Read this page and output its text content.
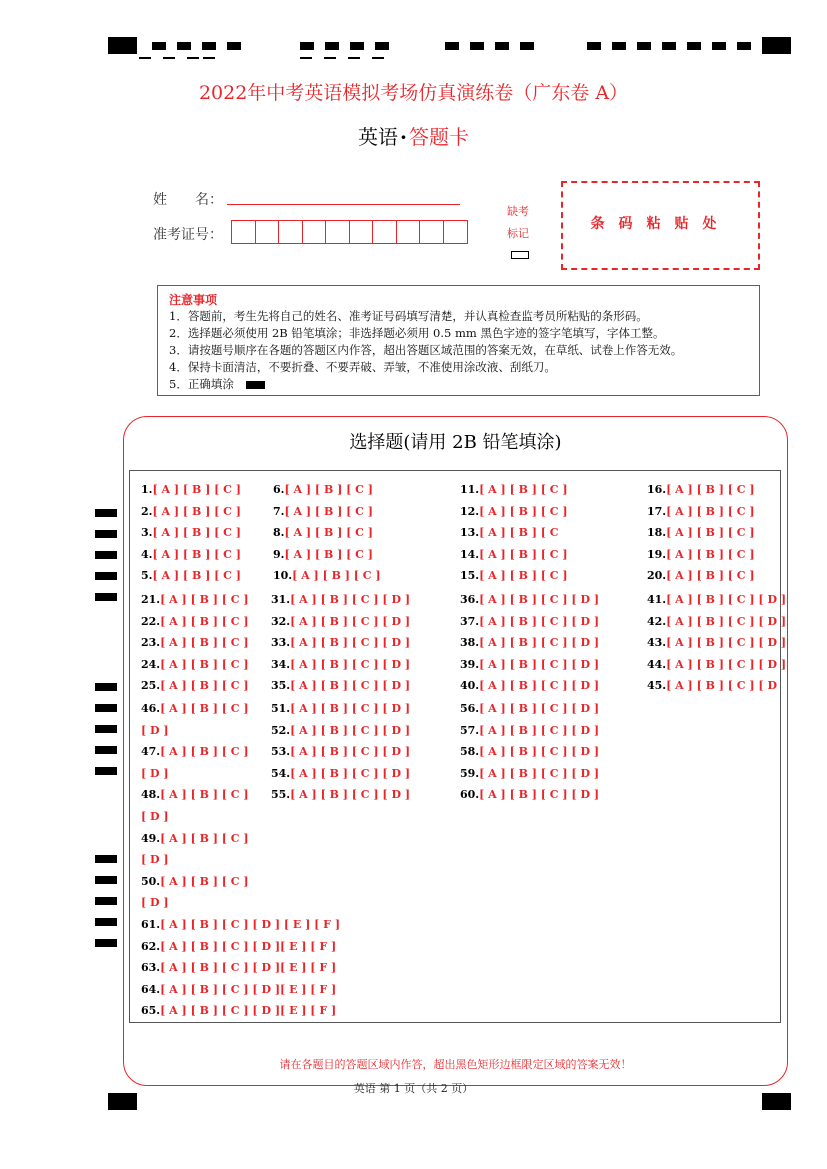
2022年中考英语模拟考场仿真演练卷（广东卷 A）
英语 · 答题卡
姓　　名：
准考证号：
缺考
标记
条码粘贴处
注意事项
1．答题前，考生先将自己的姓名、准考证号码填写清楚，并认真检查监考员所粘贴的条形码。
2．选择题必须使用 2B 铅笔填涂；非选择题必须用 0.5 mm 黑色字迹的签字笔填写，字体工整。
3．请按题号顺序在各题的答题区内作答，超出答题区域范围的答案无效，在草纸、试卷上作答无效。
4．保持卡面清洁，不要折叠、不要弄破、弄皱，不准使用涂改液、刮纸刀。
5．正确填涂
选择题(请用 2B 铅笔填涂)
1.[ A ] [ B ] [ C ]
2.[ A ] [ B ] [ C ]
3.[ A ] [ B ] [ C ]
4.[ A ] [ B ] [ C ]
5.[ A ] [ B ] [ C ]
6.[ A ] [ B ] [ C ]
7.[ A ] [ B ] [ C ]
8.[ A ] [ B ] [ C ]
9.[ A ] [ B ] [ C ]
10.[ A ] [ B ] [ C ]
11.[ A ] [ B ] [ C ]
12.[ A ] [ B ] [ C ]
13.[ A ] [ B ] [ C
14.[ A ] [ B ] [ C ]
15.[ A ] [ B ] [ C ]
16.[ A ] [ B ] [ C ]
17.[ A ] [ B ] [ C ]
18.[ A ] [ B ] [ C ]
19.[ A ] [ B ] [ C ]
20.[ A ] [ B ] [ C ]
21.[ A ] [ B ] [ C ]
22.[ A ] [ B ] [ C ]
23.[ A ] [ B ] [ C ]
24.[ A ] [ B ] [ C ]
25.[ A ] [ B ] [ C ]
31.[ A ] [ B ] [ C ] [ D ]
32.[ A ] [ B ] [ C ] [ D ]
33.[ A ] [ B ] [ C ] [ D ]
34.[ A ] [ B ] [ C ] [ D ]
35.[ A ] [ B ] [ C ] [ D ]
36.[ A ] [ B ] [ C ] [ D ]
37.[ A ] [ B ] [ C ] [ D ]
38.[ A ] [ B ] [ C ] [ D ]
39.[ A ] [ B ] [ C ] [ D ]
40.[ A ] [ B ] [ C ] [ D ]
41.[ A ] [ B ] [ C ] [ D ]
42.[ A ] [ B ] [ C ] [ D ]
43.[ A ] [ B ] [ C ] [ D ]
44.[ A ] [ B ] [ C ] [ D ]
45.[ A ] [ B ] [ C ] [ D
46.[ A ] [ B ] [ C ]
[ D ]
47.[ A ] [ B ] [ C ]
[ D ]
48.[ A ] [ B ] [ C ]
[ D ]
49.[ A ] [ B ] [ C ]
[ D ]
50.[ A ] [ B ] [ C ]
[ D ]
51.[ A ] [ B ] [ C ] [ D ]
52.[ A ] [ B ] [ C ] [ D ]
53.[ A ] [ B ] [ C ] [ D ]
54.[ A ] [ B ] [ C ] [ D ]
55.[ A ] [ B ] [ C ] [ D ]
56.[ A ] [ B ] [ C ] [ D ]
57.[ A ] [ B ] [ C ] [ D ]
58.[ A ] [ B ] [ C ] [ D ]
59.[ A ] [ B ] [ C ] [ D ]
60.[ A ] [ B ] [ C ] [ D ]
61.[ A ] [ B ] [ C ] [ D ] [ E ] [ F ]
62.[ A ] [ B ] [ C ] [ D ][ E ] [ F ]
63.[ A ] [ B ] [ C ] [ D ][ E ] [ F ]
64.[ A ] [ B ] [ C ] [ D ][ E ] [ F ]
65.[ A ] [ B ] [ C ] [ D ][ E ] [ F ]
请在各题目的答题区域内作答，超出黑色矩形边框限定区域的答案无效！
英语 第 1 页（共 2 页）
